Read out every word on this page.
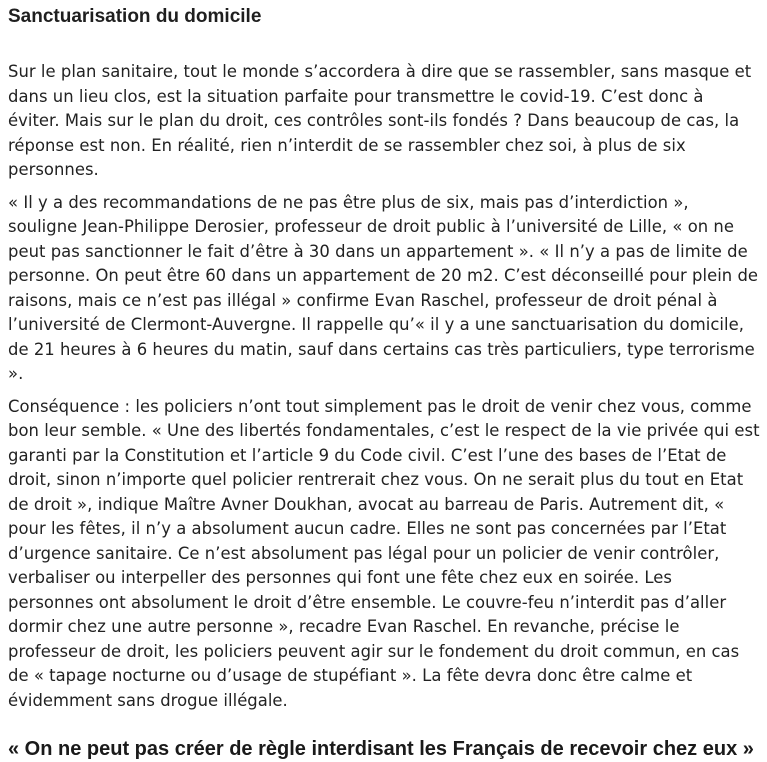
Sanctuarisation du domicile

Sur le plan sanitaire, tout le monde s’accordera à dire que se rassembler, sans masque et dans un lieu clos, est la situation parfaite pour transmettre le covid-19. C’est donc à éviter. Mais sur le plan du droit, ces contrôles sont-ils fondés ? Dans beaucoup de cas, la réponse est non. En réalité, rien n’interdit de se rassembler chez soi, à plus de six personnes.

« Il y a des recommandations de ne pas être plus de six, mais pas d’interdiction », souligne Jean-Philippe Derosier, professeur de droit public à l’université de Lille, « on ne peut pas sanctionner le fait d’être à 30 dans un appartement ». « Il n’y a pas de limite de personne. On peut être 60 dans un appartement de 20 m2. C’est déconseillé pour plein de raisons, mais ce n’est pas illégal » confirme Evan Raschel, professeur de droit pénal à l’université de Clermont-Auvergne. Il rappelle qu’« il y a une sanctuarisation du domicile, de 21 heures à 6 heures du matin, sauf dans certains cas très particuliers, type terrorisme ».

Conséquence : les policiers n’ont tout simplement pas le droit de venir chez vous, comme bon leur semble. « Une des libertés fondamentales, c’est le respect de la vie privée qui est garanti par la Constitution et l’article 9 du Code civil. C’est l’une des bases de l’Etat de droit, sinon n’importe quel policier rentrerait chez vous. On ne serait plus du tout en Etat de droit », indique Maître Avner Doukhan, avocat au barreau de Paris. Autrement dit, « pour les fêtes, il n’y a absolument aucun cadre. Elles ne sont pas concernées par l’Etat d’urgence sanitaire. Ce n’est absolument pas légal pour un policier de venir contrôler, verbaliser ou interpeller des personnes qui font une fête chez eux en soirée. Les personnes ont absolument le droit d’être ensemble. Le couvre-feu n’interdit pas d’aller dormir chez une autre personne », recadre Evan Raschel. En revanche, précise le professeur de droit, les policiers peuvent agir sur le fondement du droit commun, en cas de « tapage nocturne ou d’usage de stupéfiant ». La fête devra donc être calme et évidemment sans drogue illégale.

« On ne peut pas créer de règle interdisant les Français de recevoir chez eux »
